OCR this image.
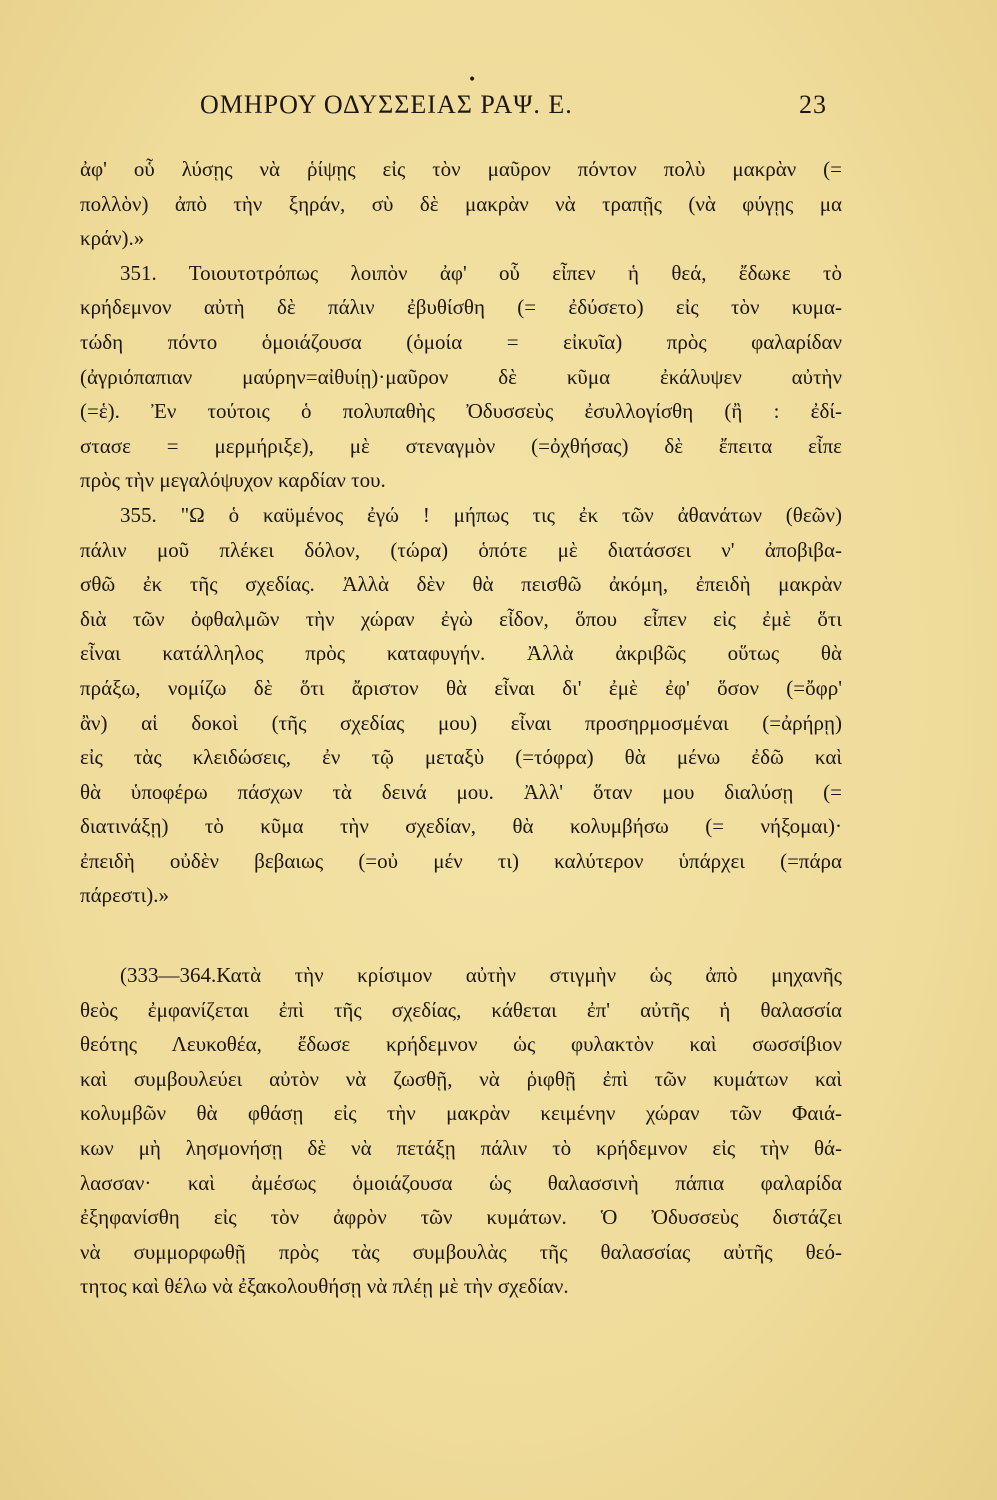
•
ΟΜΗΡΟΥ ΟΔΥΣΣΕΙΑΣ ΡΑΨ. Ε.	23
ἀφ' οὗ λύσῃς νὰ ῥίψῃς εἰς τὸν μαῦρον πόντον πολὺ μακρὰν (=
πολλὸν) ἀπὸ τὴν ξηράν, σὺ δὲ μακρὰν νὰ τραπῇς (νὰ φύγῃς μα
κράν).»
351. Τοιουτοτρόπως λοιπὸν ἀφ' οὗ εἶπεν ἡ θεά, ἔδωκε τὸ
κρήδεμνον αὐτὴ δὲ πάλιν ἐβυθίσθη (= ἐδύσετο) εἰς τὸν κυμα-
τώδη πόντο ὁμοιάζουσα (ὁμοία = εἰκυῖα) πρὸς φαλαρίδαν
(ἀγριόπαπιαν μαύρην=αἰθυίῃ)·μαῦρον δὲ κῦμα ἐκάλυψεν αὐτὴν
(=ἑ). Ἐν τούτοις ὁ πολυπαθὴς Ὀδυσσεὺς ἐσυλλογίσθη (ἢ : ἐδί-
στασε = μερμήριξε), μὲ στεναγμὸν (=ὀχθήσας) δὲ ἔπειτα εἶπε
πρὸς τὴν μεγαλόψυχον καρδίαν του.
355. "Ω ὁ καϋμένος ἐγώ ! μήπως τις ἐκ τῶν ἀθανάτων (θεῶν)
πάλιν μοῦ πλέκει δόλον, (τώρα) ὁπότε μὲ διατάσσει ν' ἀποβιβα-
σθῶ ἐκ τῆς σχεδίας. Ἀλλὰ δὲν θὰ πεισθῶ ἀκόμη, ἐπειδὴ μακρὰν
διὰ τῶν ὀφθαλμῶν τὴν χώραν ἐγὼ εἶδον, ὅπου εἶπεν εἰς ἐμὲ ὅτι
εἶναι κατάλληλος πρὸς καταφυγήν. Ἀλλὰ ἀκριβῶς οὕτως θὰ
πράξω, νομίζω δὲ ὅτι ἄριστον θὰ εἶναι δι' ἐμὲ ἐφ' ὅσον (=ὄφρ'
ἂν) αἱ δοκοὶ (τῆς σχεδίας μου) εἶναι προσηρμοσμέναι (=ἀρήρῃ)
εἰς τὰς κλειδώσεις, ἐν τῷ μεταξὺ (=τόφρα) θὰ μένω ἐδῶ καὶ
θὰ ὑποφέρω πάσχων τὰ δεινά μου. Ἀλλ' ὅταν μου διαλύσῃ (=
διατινάξῃ) τὸ κῦμα τὴν σχεδίαν, θὰ κολυμβήσω (= νήξομαι)·
ἐπειδὴ οὐδὲν βεβαιως (=οὐ μέν τι) καλύτερον ὑπάρχει (=πάρα
πάρεστι).»
(333—364.Κατὰ τὴν κρίσιμον αὐτὴν στιγμὴν ὡς ἀπὸ μηχανῆς
θεὸς ἐμφανίζεται ἐπὶ τῆς σχεδίας, κάθεται ἐπ' αὐτῆς ἡ θαλασσία
θεότης Λευκοθέα, ἔδωσε κρήδεμνον ὡς φυλακτὸν καὶ σωσσίβιον
καὶ συμβουλεύει αὐτὸν νὰ ζωσθῇ, νὰ ῥιφθῇ ἐπὶ τῶν κυμάτων καὶ
κολυμβῶν θὰ φθάσῃ εἰς τὴν μακρὰν κειμένην χώραν τῶν Φαιά-
κων μὴ λησμονήσῃ δὲ νὰ πετάξῃ πάλιν τὸ κρήδεμνον εἰς τὴν θά-
λασσαν· καὶ ἀμέσως ὁμοιάζουσα ὡς θαλασσινὴ πάπια φαλαρίδα
ἐξηφανίσθη εἰς τὸν ἀφρὸν τῶν κυμάτων. Ὁ Ὀδυσσεὺς διστάζει
νὰ συμμορφωθῇ πρὸς τὰς συμβουλὰς τῆς θαλασσίας αὐτῆς θεό-
τητος καὶ θέλω νὰ ἐξακολουθήσῃ νὰ πλέῃ μὲ τὴν σχεδίαν.
